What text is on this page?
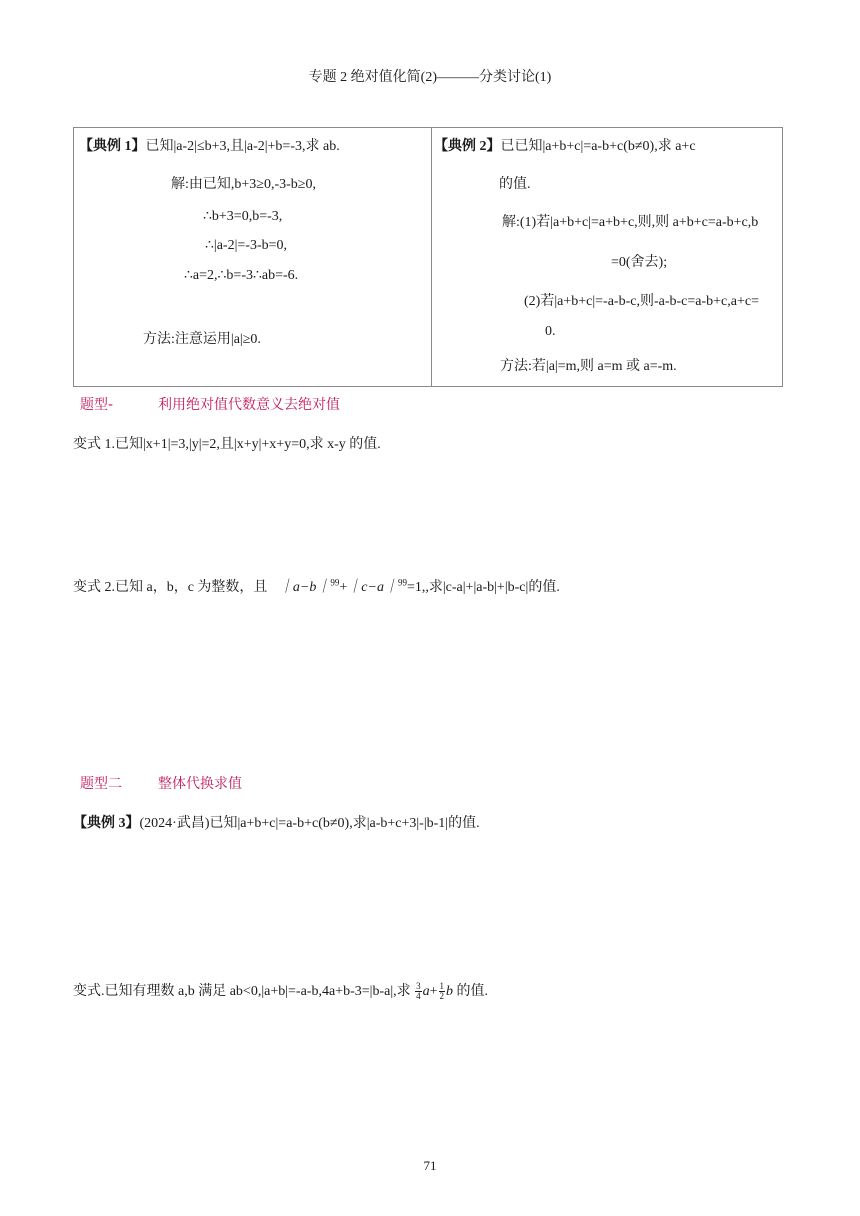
专题 2 绝对值化简(2)———分类讨论(1)
【典例 1】已知|a-2|≤b+3,且|a-2|+b=-3,求 ab.
解:由已知,b+3≥0,-3-b≥0,
∴b+3=0,b=-3,
∴|a-2|=-3-b=0,
∴a=2,∴b=-3∴ab=-6.
方法:注意运用|a|≥0.
【典例 2】已已知|a+b+c|=a-b+c(b≠0),求 a+c
的值.
解:(1)若|a+b+c|=a+b+c,则,则 a+b+c=a-b+c,b
=0(舍去);
(2)若|a+b+c|=-a-b-c,则-a-b-c=a-b+c,a+c=
0.
方法:若|a|=m,则 a=m 或 a=-m.
题型-	利用绝对值代数意义去绝对值
变式 1.已知|x+1|=3,|y|=2,且|x+y|+x+y=0,求 x-y 的值.
变式 2.已知 a，b，c 为整数，且 ｜a−b｜$^{99}$+｜c−a｜$^{99}$=1,,求|c-a|+|a-b|+|b-c|的值.
题型二	整体代换求值
【典例 3】(2024·武昌)已知|a+b+c|=a-b+c(b≠0),求|a-b+c+3|-|b-1|的值.
变式.已知有理数 a,b 满足 ab<0,|a+b|=-a-b,4a+b-3=|b-a|,求 $\frac{3}{4} a+ \frac{1}{2}$ b 的值.
71
